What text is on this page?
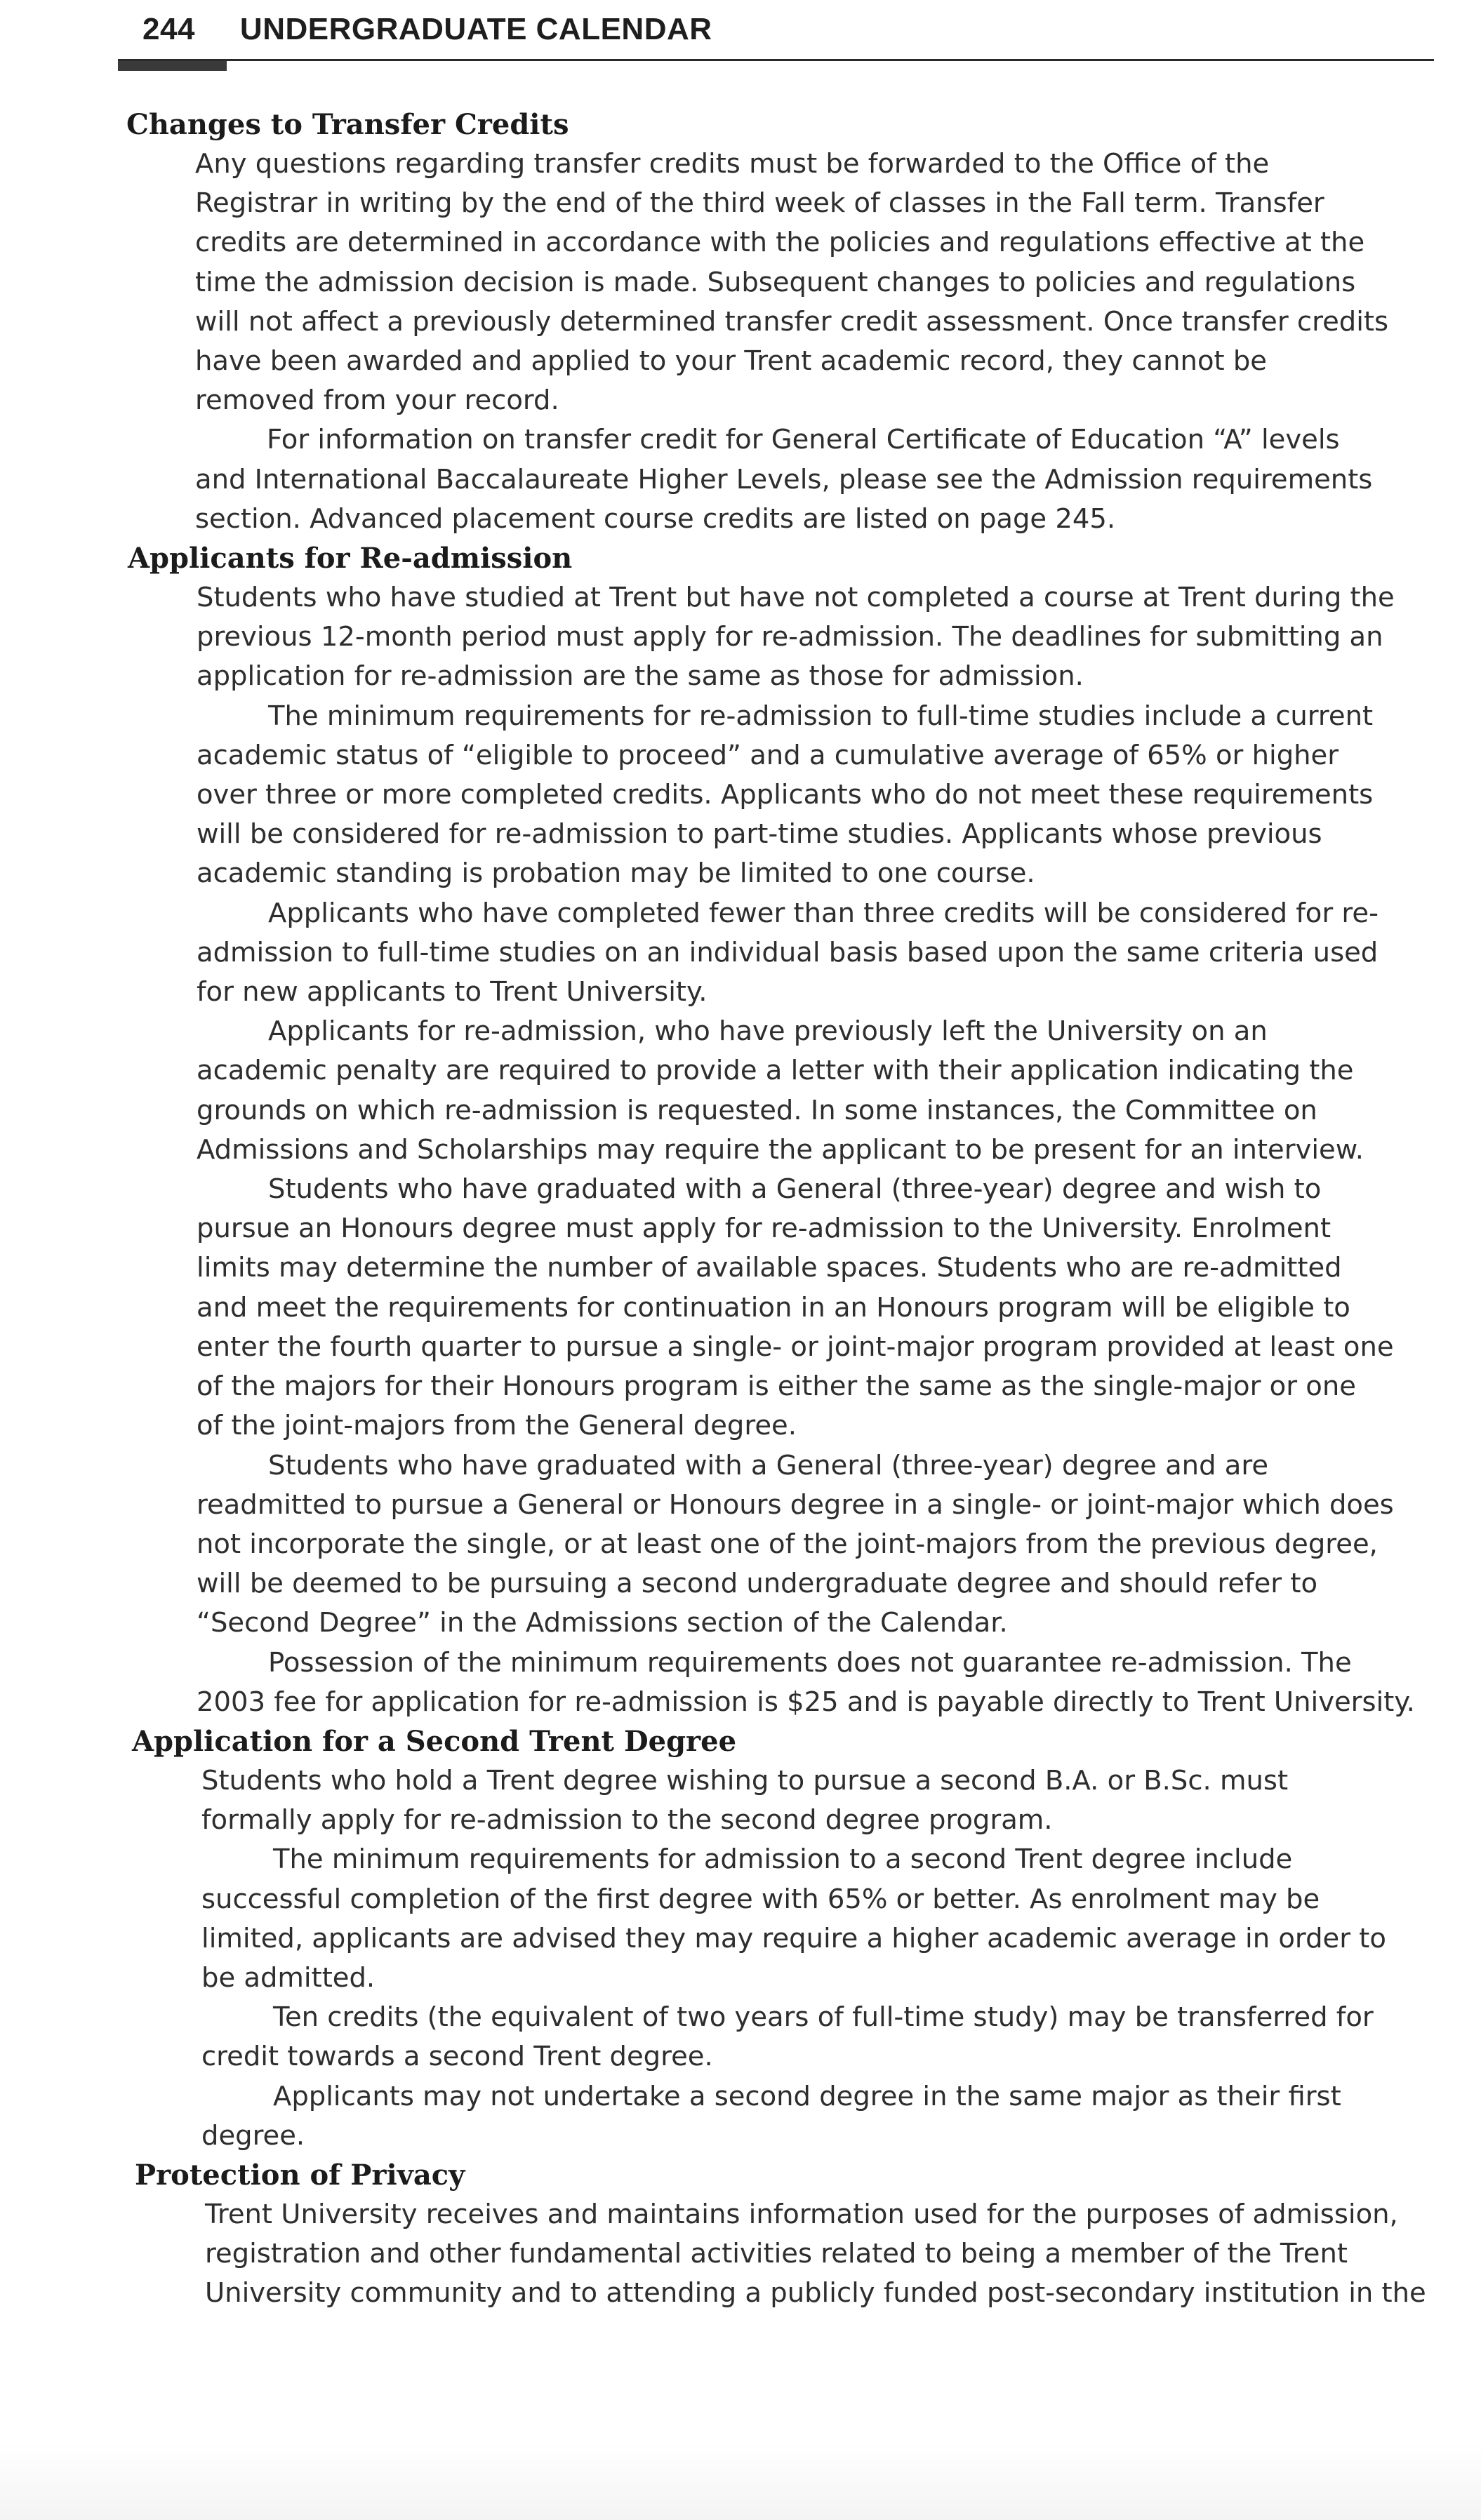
244 UNDERGRADUATE CALENDAR
Changes to Transfer Credits

Any questions regarding transfer credits must be forwarded to the Office of the
Registrar in writing by the end of the third week of classes in the Fall term. Transfer
credits are determined in accordance with the policies and regulations effective at the
time the admission decision is made. Subsequent changes to policies and regulations
will not affect a previously determined transfer credit assessment. Once transfer credits
have been awarded and applied to your Trent academic record, they cannot be
removed from your record.

For information on transfer credit for General Certificate of Education “A” levels
and International Baccalaureate Higher Levels, please see the Admission requirements
section. Advanced placement course credits are listed on page 245.

Applicants for Re-admission

Students who have studied at Trent but have not completed a course at Trent during the
previous 12-month period must apply for re-admission. The deadlines for submitting an
application for re-admission are the same as those for admission.

The minimum requirements for re-admission to full-time studies include a current
academic status of “eligible to proceed” and a cumulative average of 65% or higher
over three or more completed credits. Applicants who do not meet these requirements
will be considered for re-admission to part-time studies. Applicants whose previous
academic standing is probation may be limited to one course.

Applicants who have completed fewer than three credits will be considered for re-
admission to full-time studies on an individual basis based upon the same criteria used
for new applicants to Trent University.

Applicants for re-admission, who have previously left the University on an
academic penalty are required to provide a letter with their application indicating the
grounds on which re-admission is requested. In some instances, the Committee on
Admissions and Scholarships may require the applicant to be present for an interview.

Students who have graduated with a General (three-year) degree and wish to
pursue an Honours degree must apply for re-admission to the University. Enrolment
limits may determine the number of available spaces. Students who are re-admitted
and meet the requirements for continuation in an Honours program will be eligible to
enter the fourth quarter to pursue a single- or joint-major program provided at least one
of the majors for their Honours program is either the same as the single-major or one
of the joint-majors from the General degree.

Students who have graduated with a General (three-year) degree and are
readmitted to pursue a General or Honours degree in a single- or joint-major which does
not incorporate the single, or at least one of the joint-majors from the previous degree,
will be deemed to be pursuing a second undergraduate degree and should refer to
“Second Degree” in the Admissions section of the Calendar.

Possession of the minimum requirements does not guarantee re-admission. The
2003 fee for application for re-admission is $25 and is payable directly to Trent University.

Application for a Second Trent Degree

Students who hold a Trent degree wishing to pursue a second B.A. or B.Sc. must
formally apply for re-admission to the second degree program.

The minimum requirements for admission to a second Trent degree include
successful completion of the first degree with 65% or better. As enrolment may be
limited, applicants are advised they may require a higher academic average in order to
be admitted.

Ten credits (the equivalent of two years of full-time study) may be transferred for
credit towards a second Trent degree.

Applicants may not undertake a second degree in the same major as their first
degree.

Protection of Privacy

Trent University receives and maintains information used for the purposes of admission,
registration and other fundamental activities related to being a member of the Trent
University community and to attending a publicly funded post-secondary institution in the
